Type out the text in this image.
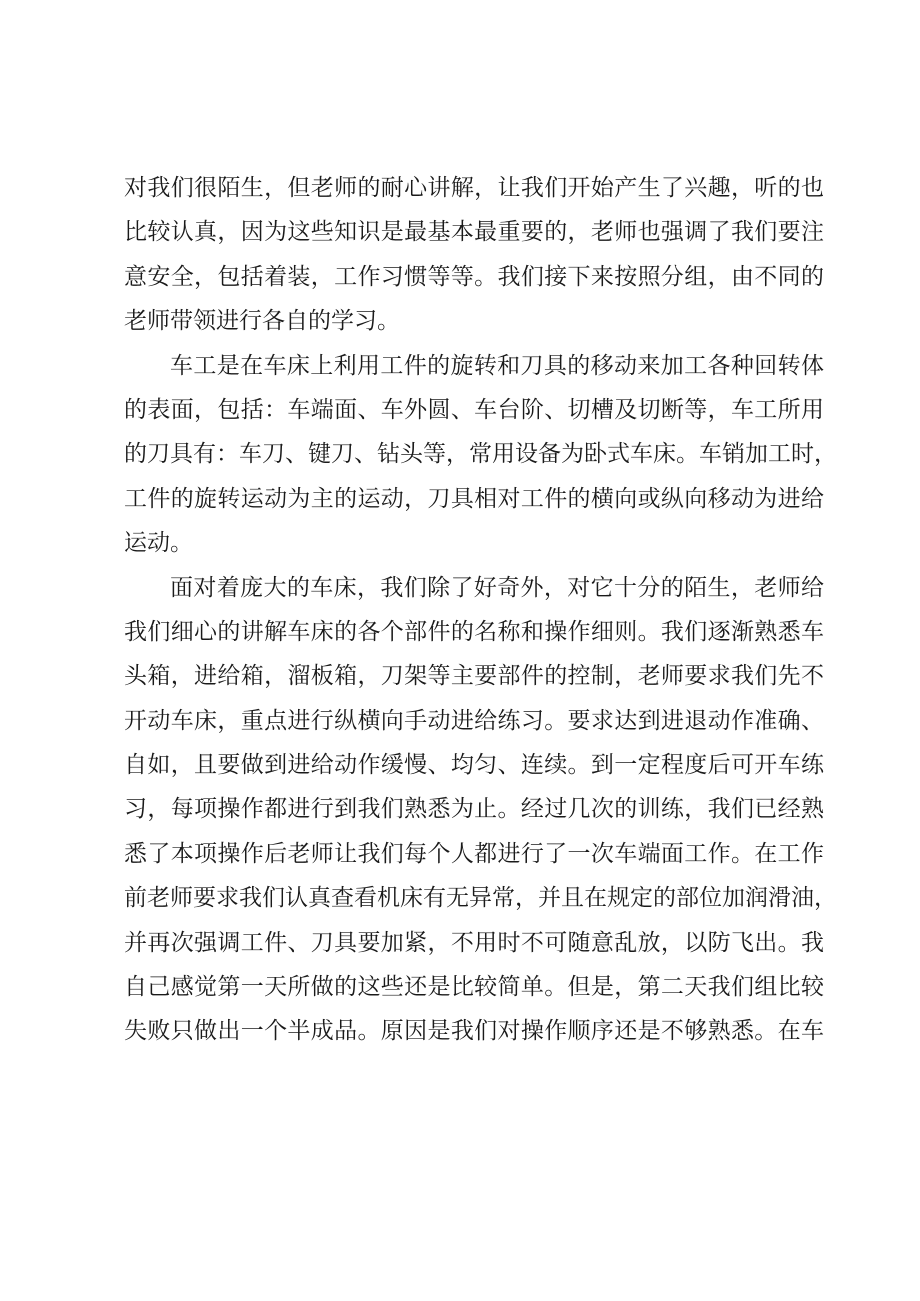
对我们很陌生，但老师的耐心讲解，让我们开始产生了兴趣，听的也
比较认真，因为这些知识是最基本最重要的，老师也强调了我们要注
意安全，包括着装，工作习惯等等。我们接下来按照分组，由不同的
老师带领进行各自的学习。
车工是在车床上利用工件的旋转和刀具的移动来加工各种回转体
的表面，包括：车端面、车外圆、车台阶、切槽及切断等，车工所用
的刀具有：车刀、键刀、钻头等，常用设备为卧式车床。车销加工时，
工件的旋转运动为主的运动，刀具相对工件的横向或纵向移动为进给
运动。
面对着庞大的车床，我们除了好奇外，对它十分的陌生，老师给
我们细心的讲解车床的各个部件的名称和操作细则。我们逐渐熟悉车
头箱，进给箱，溜板箱，刀架等主要部件的控制，老师要求我们先不
开动车床，重点进行纵横向手动进给练习。要求达到进退动作准确、
自如，且要做到进给动作缓慢、均匀、连续。到一定程度后可开车练
习，每项操作都进行到我们熟悉为止。经过几次的训练，我们已经熟
悉了本项操作后老师让我们每个人都进行了一次车端面工作。在工作
前老师要求我们认真查看机床有无异常，并且在规定的部位加润滑油，
并再次强调工件、刀具要加紧，不用时不可随意乱放，以防飞出。我
自己感觉第一天所做的这些还是比较简单。但是，第二天我们组比较
失败只做出一个半成品。原因是我们对操作顺序还是不够熟悉。在车
